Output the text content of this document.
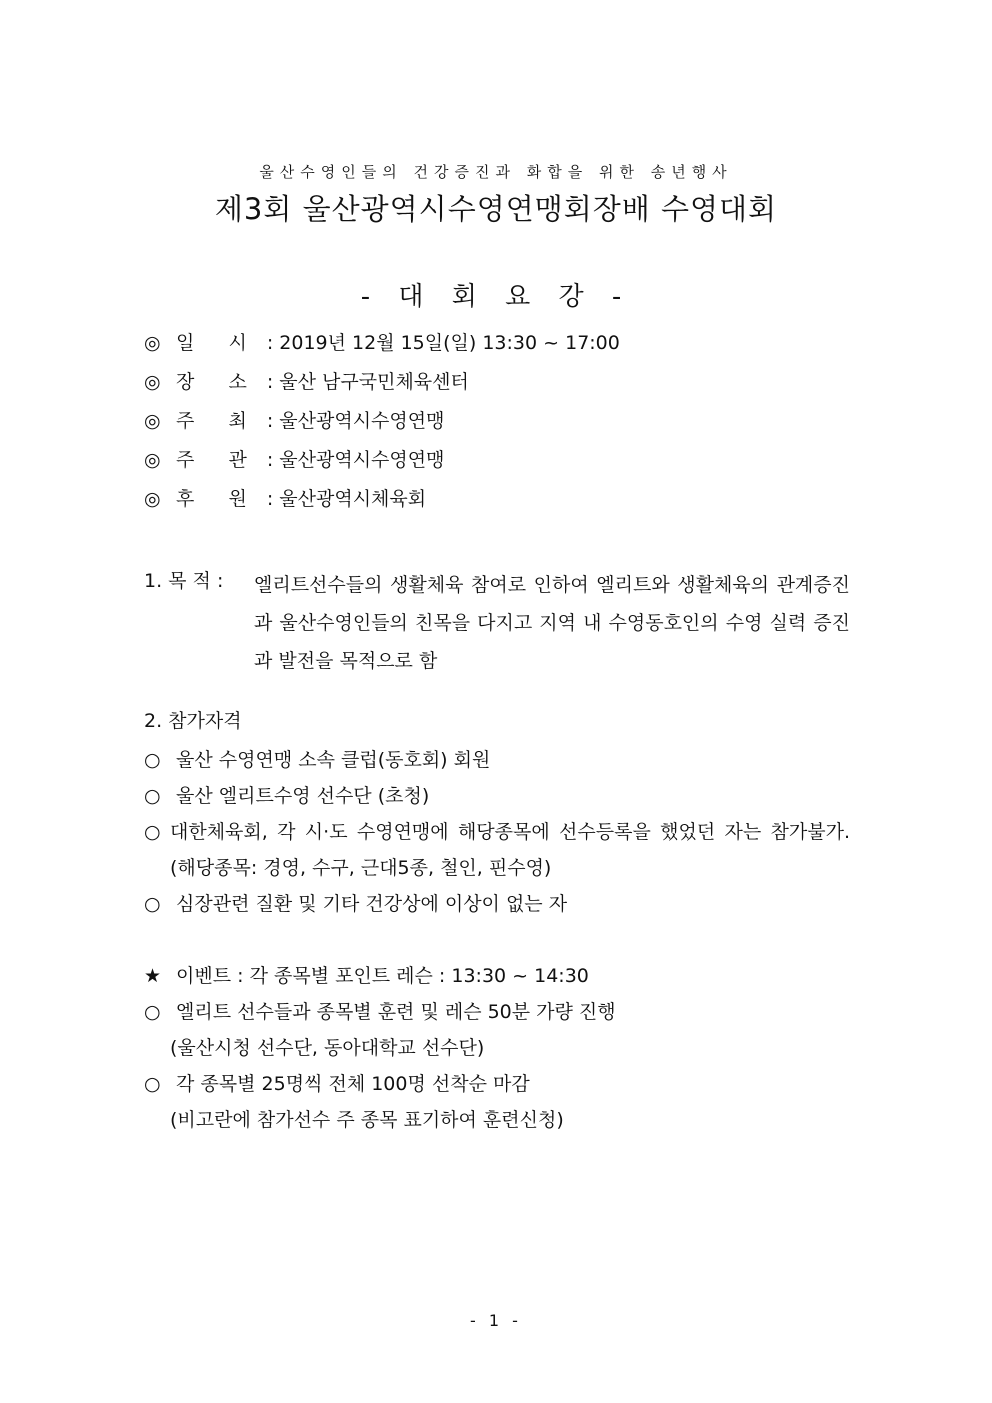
울산수영인들의 건강증진과 화합을 위한 송년행사
제3회 울산광역시수영연맹회장배 수영대회
- 대 회 요 강 -
◎ 일 시 : 2019년 12월 15일(일) 13:30 ~ 17:00
◎ 장 소 : 울산 남구국민체육센터
◎ 주 최 : 울산광역시수영연맹
◎ 주 관 : 울산광역시수영연맹
◎ 후 원 : 울산광역시체육회
1. 목 적 : 엘리트선수들의 생활체육 참여로 인하여 엘리트와 생활체육의 관계증진과 울산수영인들의 친목을 다지고 지역 내 수영동호인의 수영 실력 증진과 발전을 목적으로 함
2. 참가자격
○ 울산 수영연맹 소속 클럽(동호회) 회원
○ 울산 엘리트수영 선수단 (초청)
○ 대한체육회, 각 시·도 수영연맹에 해당종목에 선수등록을 했었던 자는 참가불가. (해당종목: 경영, 수구, 근대5종, 철인, 핀수영)
○ 심장관련 질환 및 기타 건강상에 이상이 없는 자
★ 이벤트 : 각 종목별 포인트 레슨 : 13:30 ~ 14:30
○ 엘리트 선수들과 종목별 훈련 및 레슨 50분 가량 진행
(울산시청 선수단, 동아대학교 선수단)
○ 각 종목별 25명씩 전체 100명 선착순 마감
(비고란에 참가선수 주 종목 표기하여 훈련신청)
- 1 -
